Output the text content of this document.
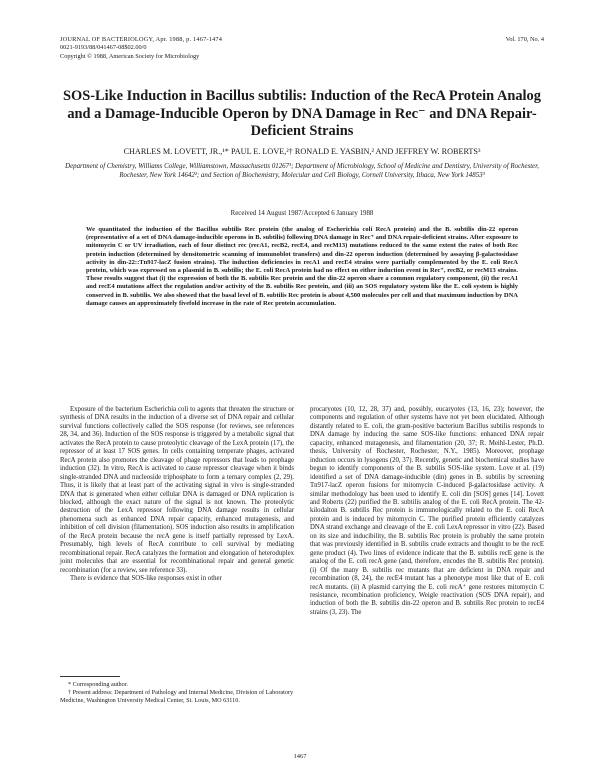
JOURNAL OF BACTERIOLOGY, Apr. 1988, p. 1467-1474
0021-9193/88/041467-08$02.00/0
Copyright © 1988, American Society for Microbiology
Vol. 170, No. 4
SOS-Like Induction in Bacillus subtilis: Induction of the RecA Protein Analog and a Damage-Inducible Operon by DNA Damage in Rec⁻ and DNA Repair-Deficient Strains
CHARLES M. LOVETT, JR.,¹* PAUL E. LOVE,²† RONALD E. YASBIN,² AND JEFFREY W. ROBERTS³
Department of Chemistry, Williams College, Williamstown, Massachusetts 01267¹; Department of Microbiology, School of Medicine and Dentistry, University of Rochester, Rochester, New York 14642²; and Section of Biochemistry, Molecular and Cell Biology, Cornell University, Ithaca, New York 14853³
Received 14 August 1987/Accepted 6 January 1988
We quantitated the induction of the Bacillus subtilis Rec protein (the analog of Escherichia coli RecA protein) and the B. subtilis din-22 operon (representative of a set of DNA damage-inducible operons in B. subtilis) following DNA damage in Rec⁺ and DNA repair-deficient strains. After exposure to mitomycin C or UV irradiation, each of four distinct rec (recA1, recB2, recE4, and recM13) mutations reduced to the same extent the rates of both Rec protein induction (determined by densitometric scanning of immunoblot transfers) and din-22 operon induction (determined by assaying β-galactosidase activity in din-22::Tn917-lacZ fusion strains). The induction deficiencies in recA1 and recE4 strains were partially complemented by the E. coli RecA protein, which was expressed on a plasmid in B. subtilis; the E. coli RecA protein had no effect on either induction event in Rec⁺, recB2, or recM13 strains. These results suggest that (i) the expression of both the B. subtilis Rec protein and the din-22 operon share a common regulatory component, (ii) the recA1 and recE4 mutations affect the regulation and/or activity of the B. subtilis Rec protein, and (iii) an SOS regulatory system like the E. coli system is highly conserved in B. subtilis. We also showed that the basal level of B. subtilis Rec protein is about 4,500 molecules per cell and that maximum induction by DNA damage causes an approximately fivefold increase in the rate of Rec protein accumulation.

Exposure of the bacterium Escherichia coli to agents that threaten the structure or synthesis of DNA results in the induction of a diverse set of DNA repair and cellular survival functions collectively called the SOS response (for reviews, see references 28, 34, and 36). Induction of the SOS response is triggered by a metabolic signal that activates the RecA protein to cause proteolytic cleavage of the LexA protein (17), the repressor of at least 17 SOS genes. In cells containing temperate phages, activated RecA protein also promotes the cleavage of phage repressors that leads to prophage induction (32). In vitro, RecA is activated to cause repressor cleavage when it binds single-stranded DNA and nucleoside triphosphate to form a ternary complex (2, 29). Thus, it is likely that at least part of the activating signal in vivo is single-stranded DNA that is generated when either cellular DNA is damaged or DNA replication is blocked, although the exact nature of the signal is not known. The proteolytic destruction of the LexA repressor following DNA damage results in cellular phenomena such as enhanced DNA repair capacity, enhanced mutagenesis, and inhibition of cell division (filamentation). SOS induction also results in amplification of the RecA protein because the recA gene is itself partially repressed by LexA. Presumably, high levels of RecA contribute to cell survival by mediating recombinational repair. RecA catalyzes the formation and elongation of heteroduplex joint molecules that are essential for recombinational repair and general genetic recombination (for a review, see reference 33).

There is evidence that SOS-like responses exist in other

procaryotes (10, 12, 28, 37) and, possibly, eucaryotes (13, 16, 23); however, the components and regulation of other systems have not yet been elucidated. Although distantly related to E. coli, the gram-positive bacterium Bacillus subtilis responds to DNA damage by inducing the same SOS-like functions: enhanced DNA repair capacity, enhanced mutagenesis, and filamentation (20, 37; R. Meihl-Lester, Ph.D. thesis, University of Rochester, Rochester, N.Y., 1985). Moreover, prophage induction occurs in lysogens (20, 37). Recently, genetic and biochemical studies have begun to identify components of the B. subtilis SOS-like system. Love et al. (19) identified a set of DNA damage-inducible (din) genes in B. subtilis by screening Tn917-lacZ operon fusions for mitomycin C-induced β-galactosidase activity. A similar methodology has been used to identify E. coli din [SOS] genes [14]. Lovett and Roberts (22) purified the B. subtilis analog of the E. coli RecA protein. The 42-kilodalton B. subtilis Rec protein is immunologically related to the E. coli RecA protein and is induced by mitomycin C. The purified protein efficiently catalyzes DNA strand exchange and cleavage of the E. coli LexA repressor in vitro (22). Based on its size and inducibility, the B. subtilis Rec protein is probably the same protein that was previously identified in B. subtilis crude extracts and thought to be the recE gene product (4). Two lines of evidence indicate that the B. subtilis recE gene is the analog of the E. coli recA gene (and, therefore, encodes the B. subtilis Rec protein). (i) Of the many B. subtilis rec mutants that are deficient in DNA repair and recombination (8, 24), the recE4 mutant has a phenotype most like that of E. coli recA mutants. (ii) A plasmid carrying the E. coli recA⁺ gene restores mitomycin C resistance, recombination proficiency, Weigle reactivation (SOS DNA repair), and induction of both the B. subtilis din-22 operon and B. subtilis Rec protein to recE4 strains (3, 23). The

* Corresponding author.
† Present address: Department of Pathology and Internal Medicine, Division of Laboratory Medicine, Washington University Medical Center, St. Louis, MO 63110.
1467
